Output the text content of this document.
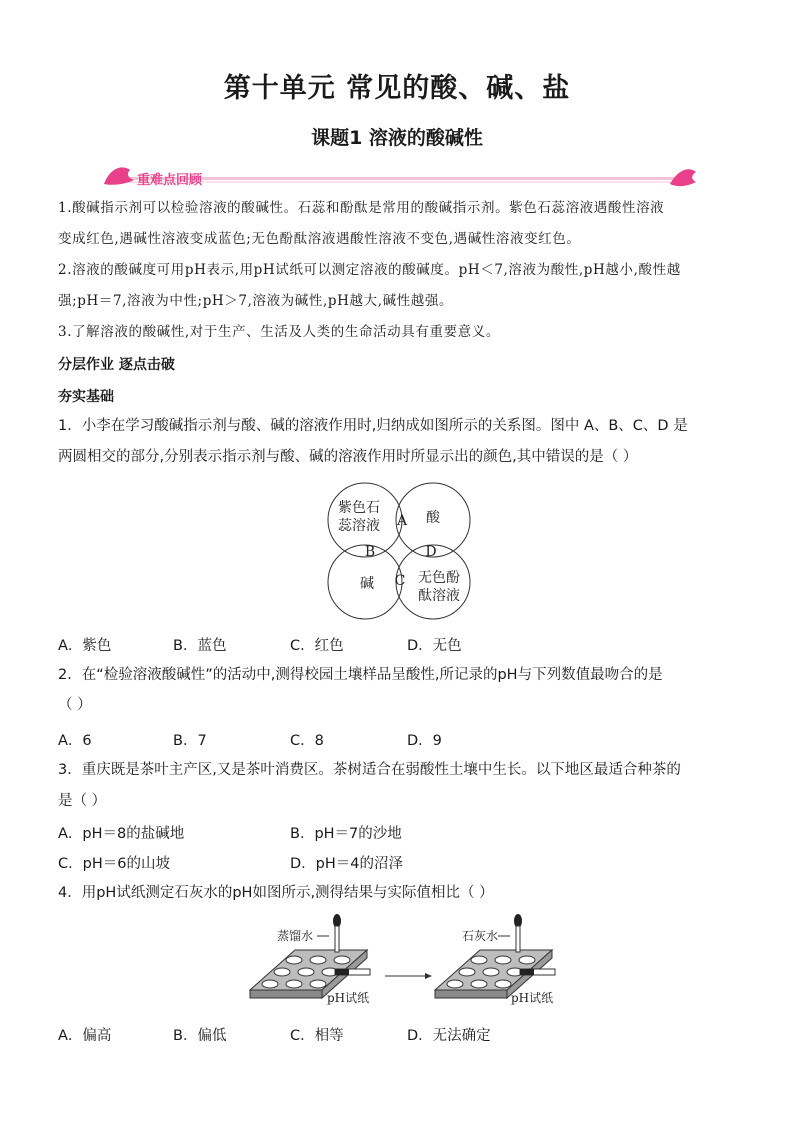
第十单元 常见的酸、碱、盐
课题1 溶液的酸碱性
重难点回顾
1.酸碱指示剂可以检验溶液的酸碱性。石蕊和酚酞是常用的酸碱指示剂。紫色石蕊溶液遇酸性溶液
变成红色,遇碱性溶液变成蓝色;无色酚酞溶液遇酸性溶液不变色,遇碱性溶液变红色。
2.溶液的酸碱度可用pH表示,用pH试纸可以测定溶液的酸碱度。pH＜7,溶液为酸性,pH越小,酸性越
强;pH＝7,溶液为中性;pH＞7,溶液为碱性,pH越大,碱性越强。
3.了解溶液的酸碱性,对于生产、生活及人类的生命活动具有重要意义。
分层作业 逐点击破
夯实基础
1．小李在学习酸碱指示剂与酸、碱的溶液作用时,归纳成如图所示的关系图。图中 A、B、C、D 是
两圆相交的部分,分别表示指示剂与酸、碱的溶液作用时所显示出的颜色,其中错误的是（ ）
紫色石
蕊溶液	酸
碱	无色酚
酞溶液
A
B
C
D
A．紫色	B．蓝色	C．红色	D．无色
2．在“检验溶液酸碱性”的活动中,测得校园土壤样品呈酸性,所记录的pH与下列数值最吻合的是
（ ）
A．6	B．7	C．8	D．9
3．重庆既是茶叶主产区,又是茶叶消费区。茶树适合在弱酸性土壤中生长。以下地区最适合种茶的
是（ ）
A．pH＝8的盐碱地	B．pH＝7的沙地
C．pH＝6的山坡	D．pH＝4的沼泽
4．用pH试纸测定石灰水的pH如图所示,测得结果与实际值相比（ ）
蒸馏水	石灰水
pH试纸	pH试纸
A．偏高	B．偏低	C．相等	D．无法确定
